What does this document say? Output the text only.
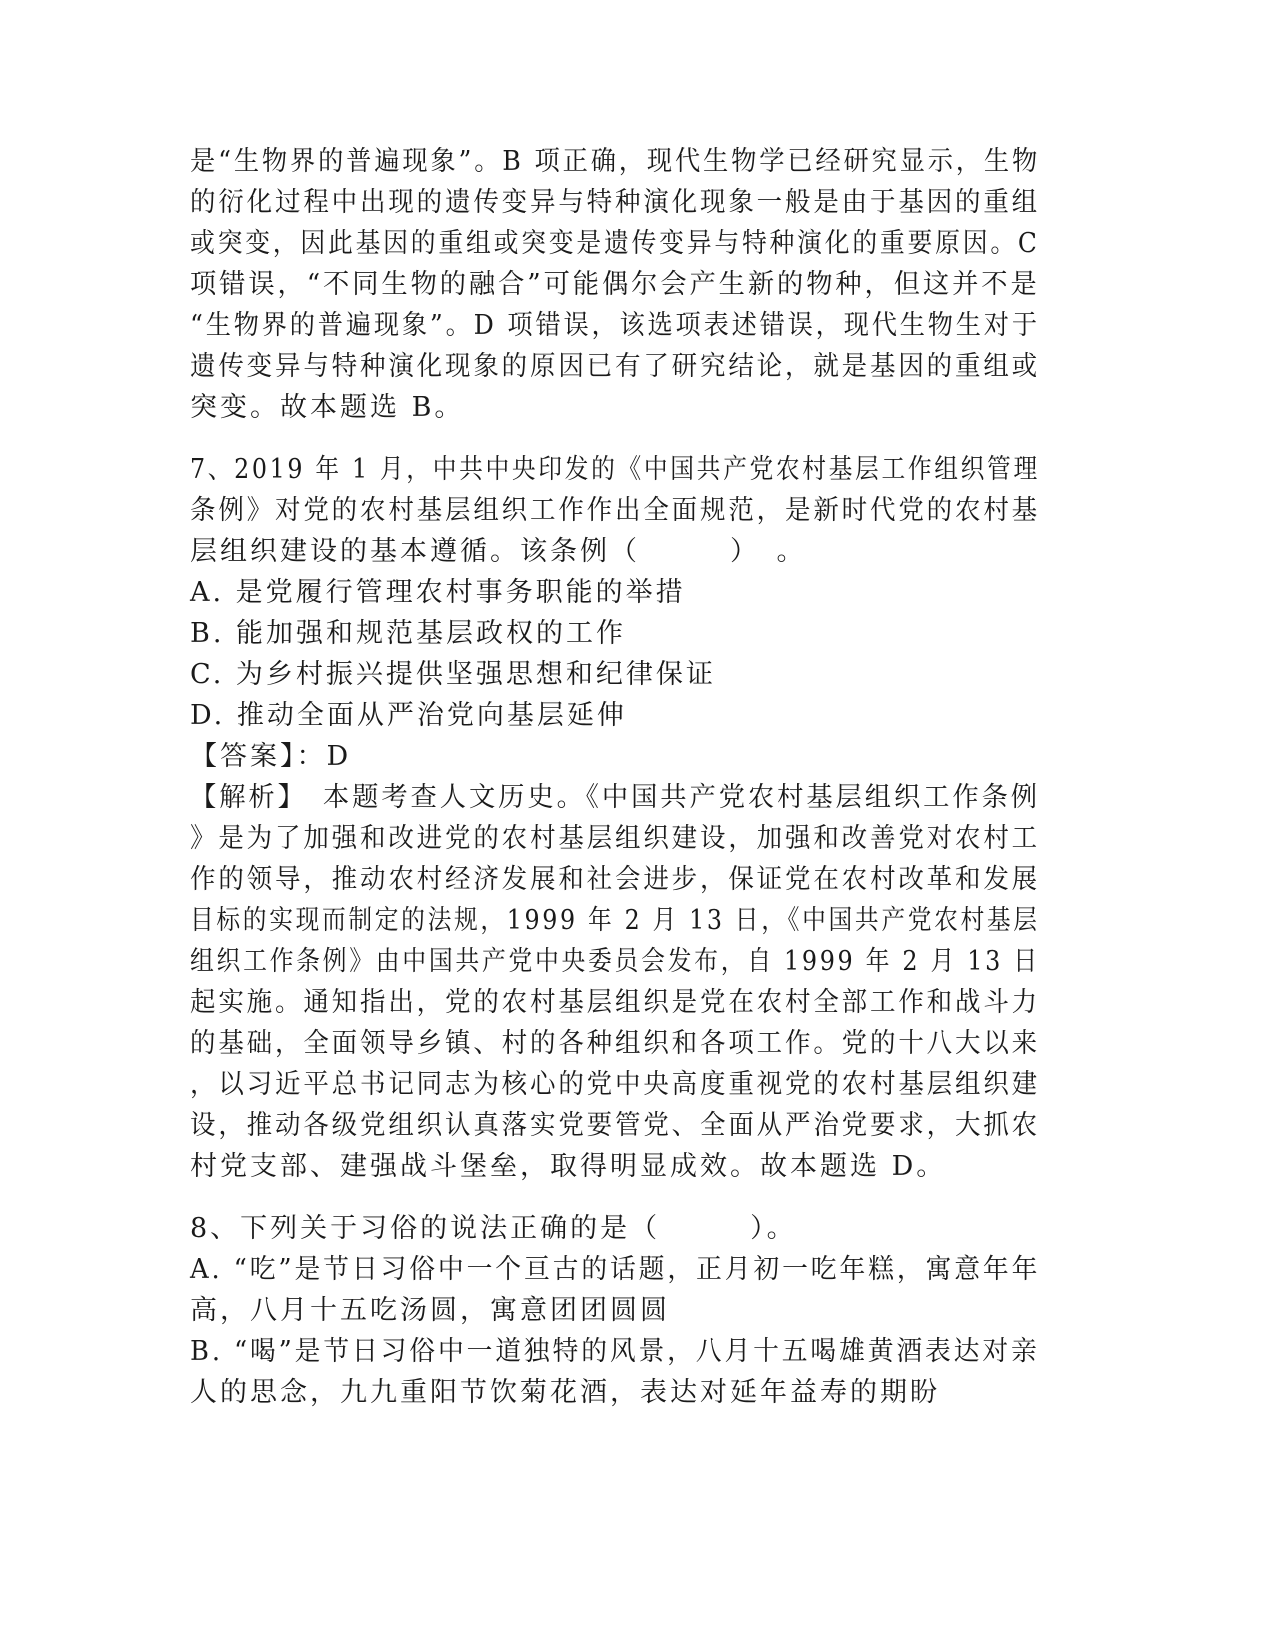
是“生物界的普遍现象”。B 项正确，现代生物学已经研究显示，生物
的衍化过程中出现的遗传变异与特种演化现象一般是由于基因的重组
或突变，因此基因的重组或突变是遗传变异与特种演化的重要原因。C
项错误，“不同生物的融合”可能偶尔会产生新的物种，但这并不是
“生物界的普遍现象”。D 项错误，该选项表述错误，现代生物生对于
遗传变异与特种演化现象的原因已有了研究结论，就是基因的重组或
突变。故本题选 B。
7、2019 年 1 月，中共中央印发的《中国共产党农村基层工作组织管理
条例》对党的农村基层组织工作作出全面规范，是新时代党的农村基
层组织建设的基本遵循。该条例（　　　）　。
A. 是党履行管理农村事务职能的举措
B. 能加强和规范基层政权的工作
C. 为乡村振兴提供坚强思想和纪律保证
D. 推动全面从严治党向基层延伸
【答案】：D
【解析】　本题考查人文历史。《中国共产党农村基层组织工作条例
》是为了加强和改进党的农村基层组织建设，加强和改善党对农村工
作的领导，推动农村经济发展和社会进步，保证党在农村改革和发展
目标的实现而制定的法规，1999 年 2 月 13 日，《中国共产党农村基层
组织工作条例》由中国共产党中央委员会发布，自 1999 年 2 月 13 日
起实施。通知指出，党的农村基层组织是党在农村全部工作和战斗力
的基础，全面领导乡镇、村的各种组织和各项工作。党的十八大以来
，以习近平总书记同志为核心的党中央高度重视党的农村基层组织建
设，推动各级党组织认真落实党要管党、全面从严治党要求，大抓农
村党支部、建强战斗堡垒，取得明显成效。故本题选 D。
8、下列关于习俗的说法正确的是（　　　）。
A. “吃”是节日习俗中一个亘古的话题，正月初一吃年糕，寓意年年
高，八月十五吃汤圆，寓意团团圆圆
B. “喝”是节日习俗中一道独特的风景，八月十五喝雄黄酒表达对亲
人的思念，九九重阳节饮菊花酒，表达对延年益寿的期盼
